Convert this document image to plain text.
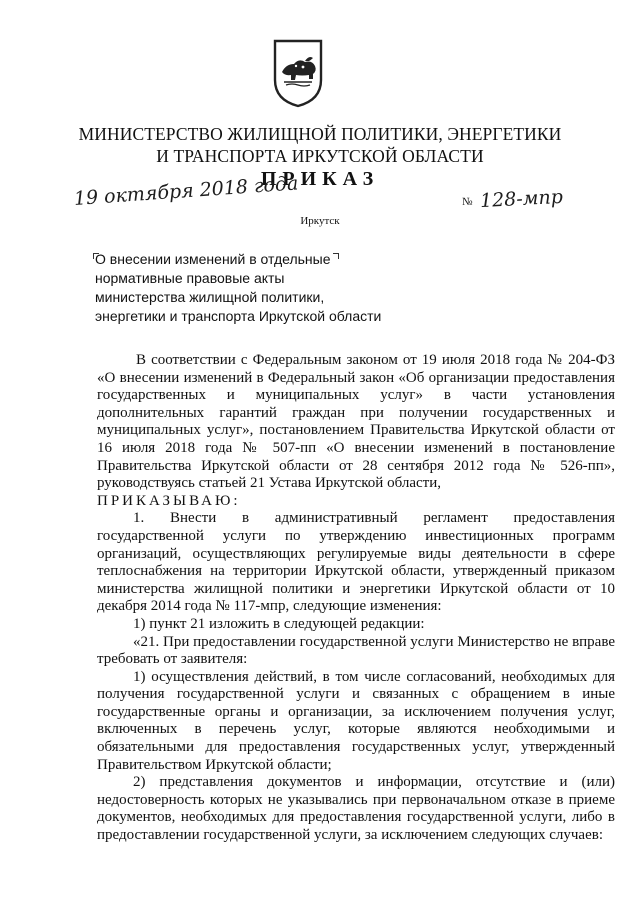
МИНИСТЕРСТВО ЖИЛИЩНОЙ ПОЛИТИКИ, ЭНЕРГЕТИКИ
И ТРАНСПОРТА ИРКУТСКОЙ ОБЛАСТИ
ПРИКАЗ
19 октября 2018 года	№ 128-мпр
Иркутск
О внесении изменений в отдельные
нормативные правовые акты
министерства жилищной политики,
энергетики и транспорта Иркутской области
В соответствии с Федеральным законом от 19 июля 2018 года № 204-ФЗ «О внесении изменений в Федеральный закон «Об организации предоставления государственных и муниципальных услуг» в части установления дополнительных гарантий граждан при получении государственных и муниципальных услуг», постановлением Правительства Иркутской области от 16 июля 2018 года № 507-пп «О внесении изменений в постановление Правительства Иркутской области от 28 сентября 2012 года № 526-пп», руководствуясь статьей 21 Устава Иркутской области,
ПРИКАЗЫВАЮ:
1. Внести в административный регламент предоставления государственной услуги по утверждению инвестиционных программ организаций, осуществляющих регулируемые виды деятельности в сфере теплоснабжения на территории Иркутской области, утвержденный приказом министерства жилищной политики и энергетики Иркутской области от 10 декабря 2014 года № 117-мпр, следующие изменения:
1) пункт 21 изложить в следующей редакции:
«21. При предоставлении государственной услуги Министерство не вправе требовать от заявителя:
1) осуществления действий, в том числе согласований, необходимых для получения государственной услуги и связанных с обращением в иные государственные органы и организации, за исключением получения услуг, включенных в перечень услуг, которые являются необходимыми и обязательными для предоставления государственных услуг, утвержденный Правительством Иркутской области;
2) представления документов и информации, отсутствие и (или) недостоверность которых не указывались при первоначальном отказе в приеме документов, необходимых для предоставления государственной услуги, либо в предоставлении государственной услуги, за исключением следующих случаев:
